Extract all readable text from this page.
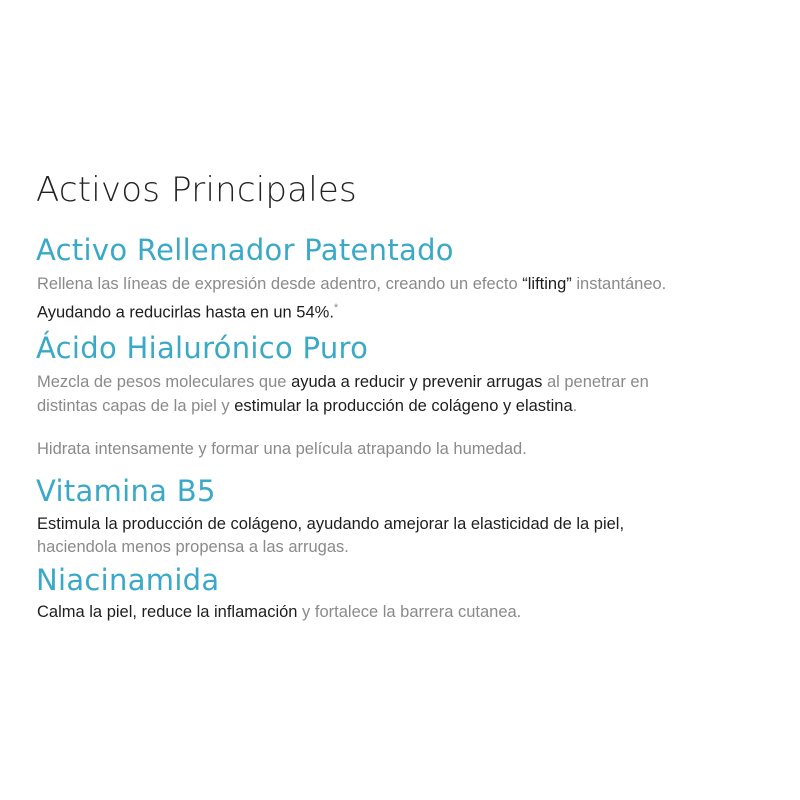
Activos Principales
Activo Rellenador Patentado
Rellena las líneas de expresión desde adentro, creando un efecto “lifting” instantáneo.
Ayudando a reducirlas hasta en un 54%.*
Ácido Hialurónico Puro
Mezcla de pesos moleculares que ayuda a reducir y prevenir arrugas al penetrar en
distintas capas de la piel y estimular la producción de colágeno y elastina.
Hidrata intensamente y formar una película atrapando la humedad.
Vitamina B5
Estimula la producción de colágeno, ayudando amejorar la elasticidad de la piel,
haciendola menos propensa a las arrugas.
Niacinamida
Calma la piel, reduce la inflamación y fortalece la barrera cutanea.
